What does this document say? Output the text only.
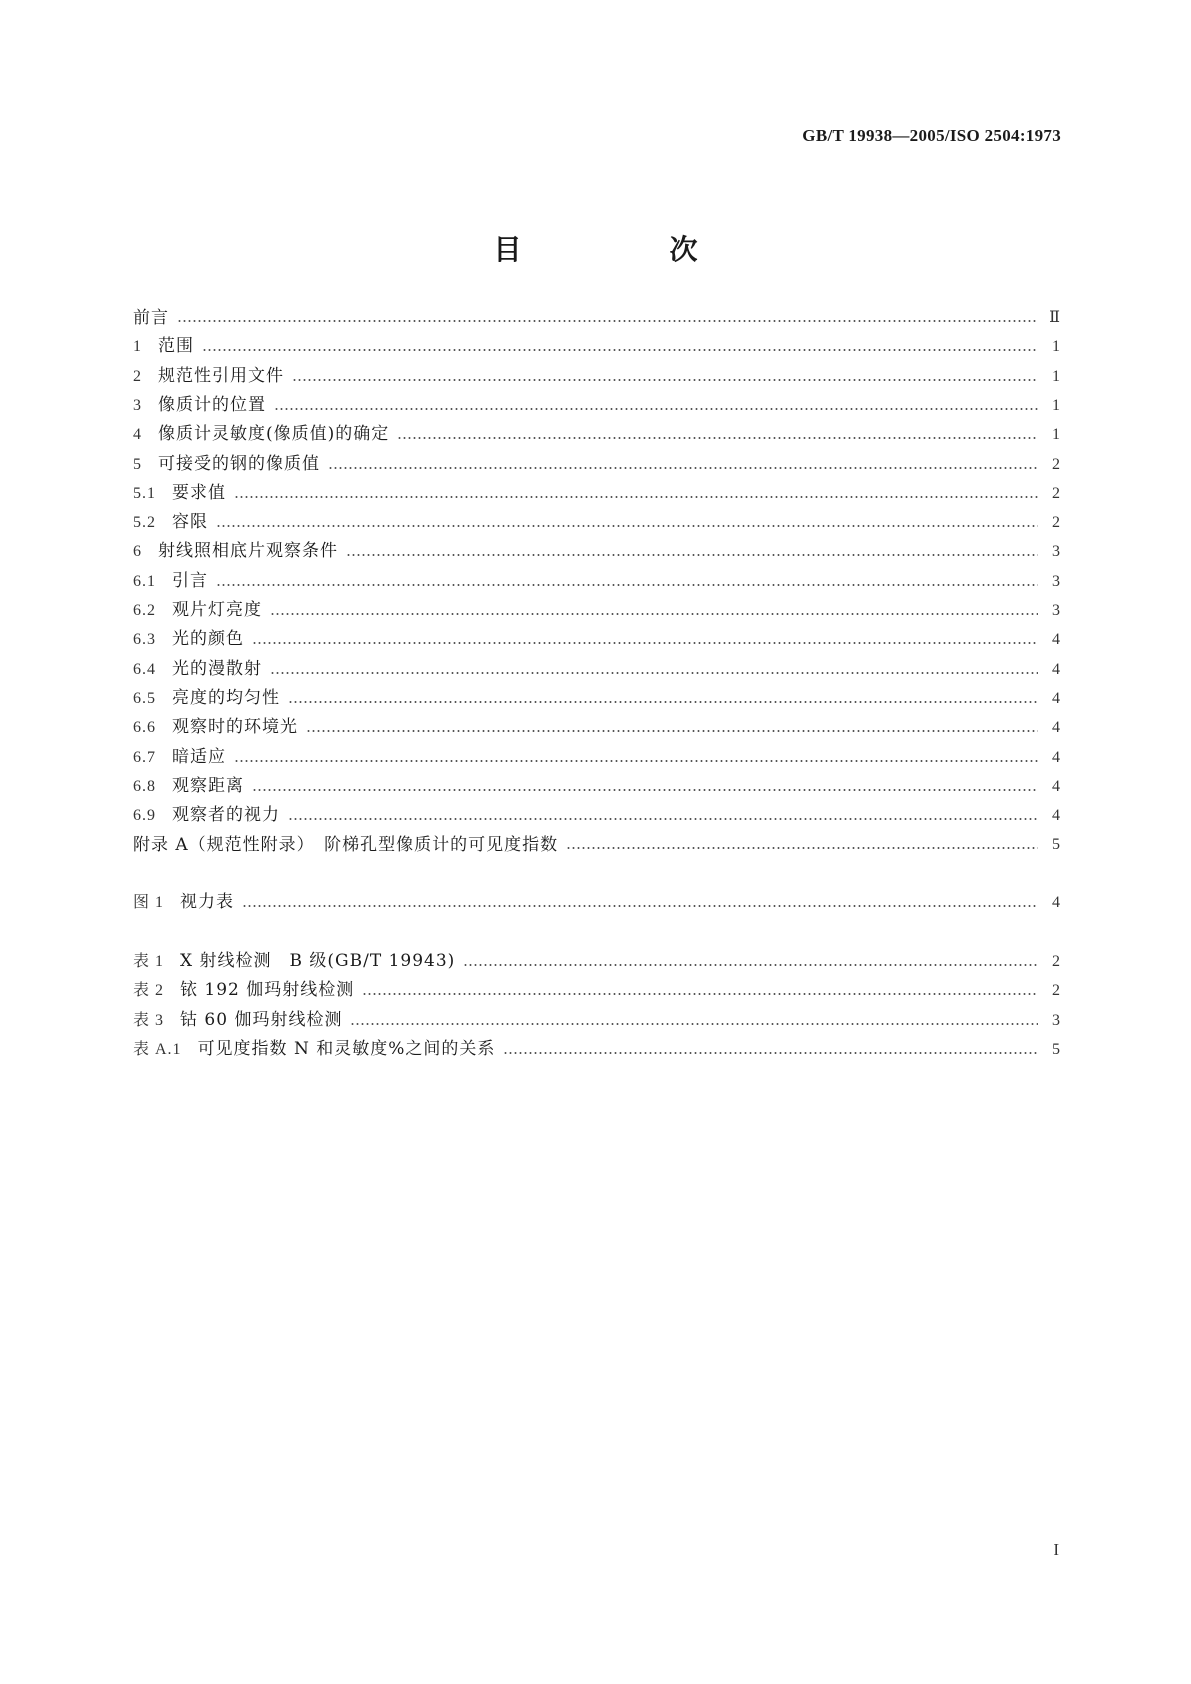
GB/T 19938—2005/ISO 2504:1973
目　次
前言	Ⅱ
1 范围	1
2 规范性引用文件	1
3 像质计的位置	1
4 像质计灵敏度(像质值)的确定	1
5 可接受的钢的像质值	2
5.1 要求值	2
5.2 容限	2
6 射线照相底片观察条件	3
6.1 引言	3
6.2 观片灯亮度	3
6.3 光的颜色	4
6.4 光的漫散射	4
6.5 亮度的均匀性	4
6.6 观察时的环境光	4
6.7 暗适应	4
6.8 观察距离	4
6.9 观察者的视力	4
附录 A（规范性附录）　阶梯孔型像质计的可见度指数	5
图 1 视力表	4
表 1 X 射线检测　B 级(GB/T 19943)	2
表 2 铱 192 伽玛射线检测	2
表 3 钴 60 伽玛射线检测	3
表 A.1 可见度指数 N 和灵敏度%之间的关系	5
I
